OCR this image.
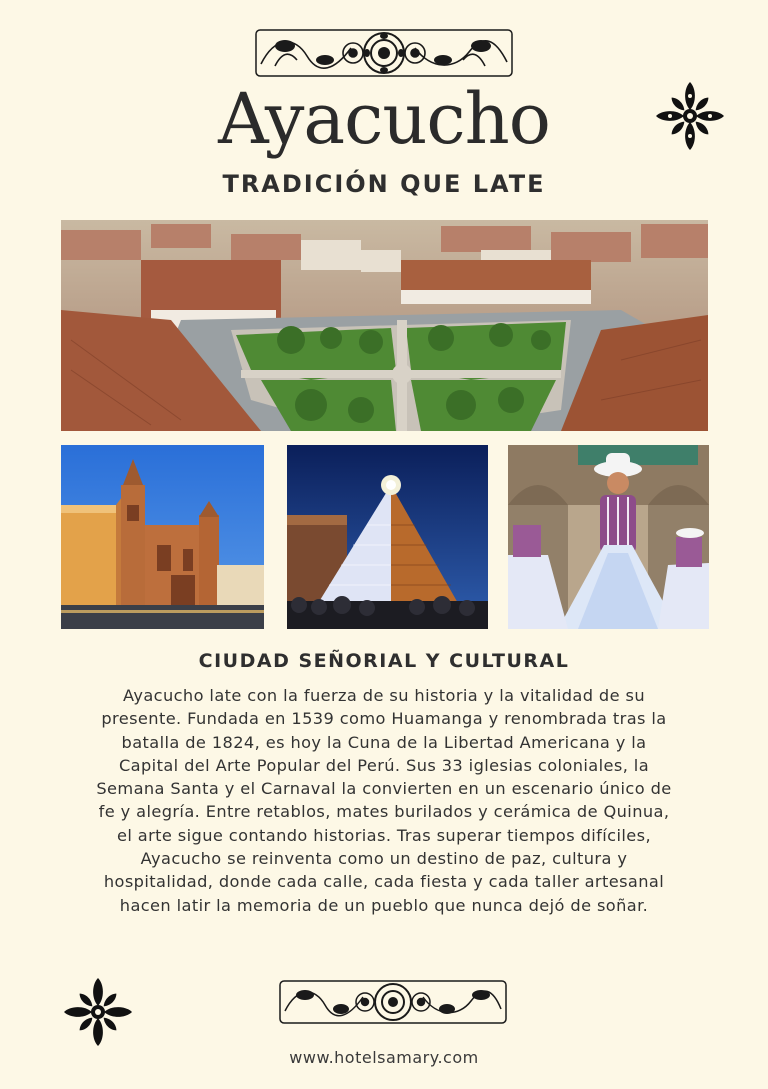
Ayacucho
TRADICIÓN QUE LATE
CIUDAD SEÑORIAL Y CULTURAL

Ayacucho late con la fuerza de su historia y la vitalidad de su presente. Fundada en 1539 como Huamanga y renombrada tras la batalla de 1824, es hoy la Cuna de la Libertad Americana y la Capital del Arte Popular del Perú. Sus 33 iglesias coloniales, la Semana Santa y el Carnaval la convierten en un escenario único de fe y alegría. Entre retablos, mates burilados y cerámica de Quinua, el arte sigue contando historias. Tras superar tiempos difíciles, Ayacucho se reinventa como un destino de paz, cultura y hospitalidad, donde cada calle, cada fiesta y cada taller artesanal hacen latir la memoria de un pueblo que nunca dejó de soñar.

www.hotelsamary.com
